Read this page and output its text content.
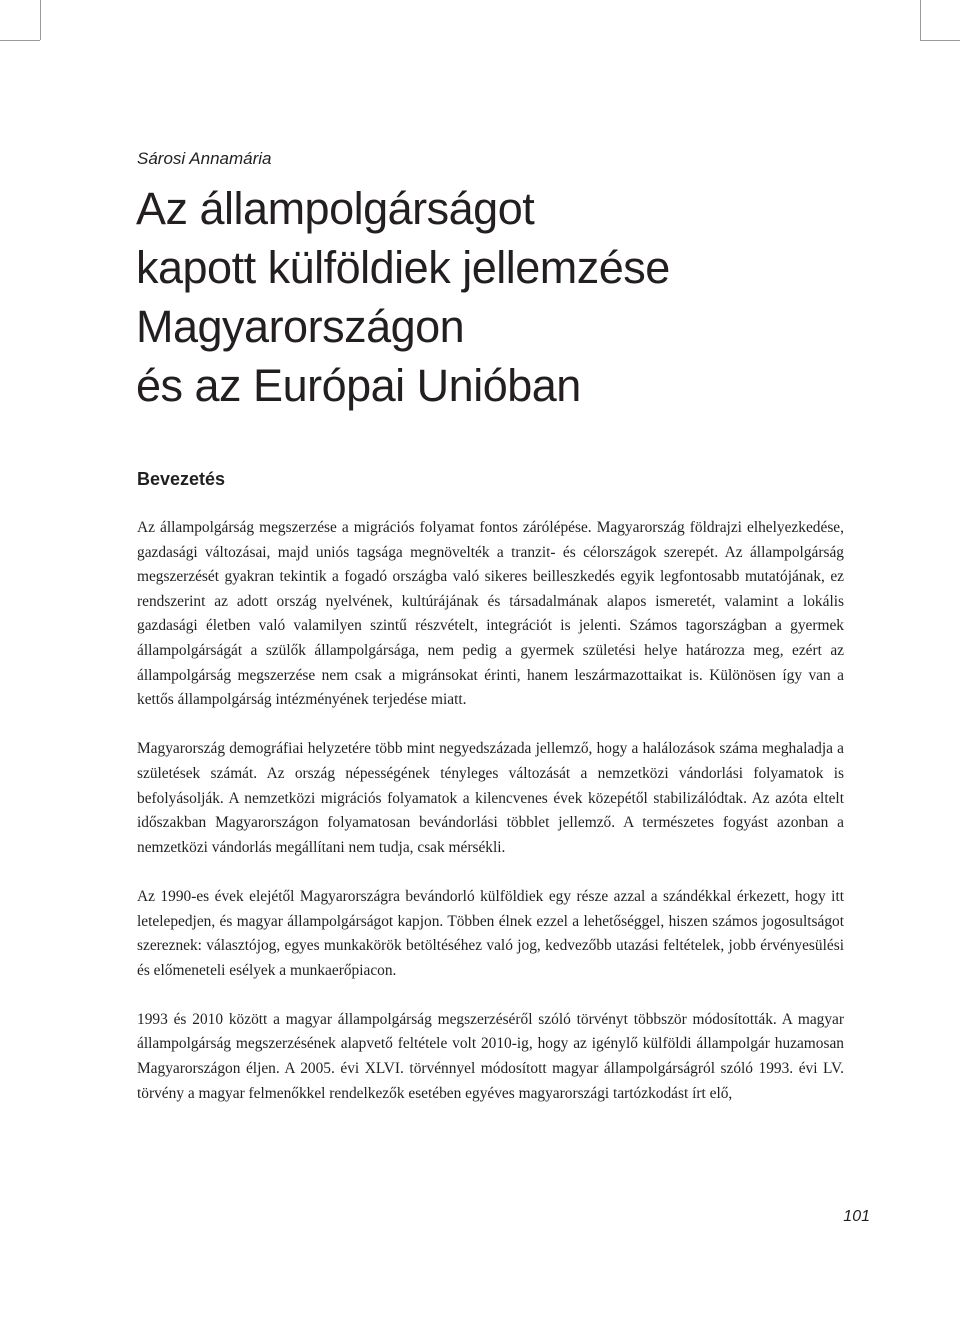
Sárosi Annamária
Az állampolgárságot
kapott külföldiek jellemzése
Magyarországon
és az Európai Unióban
Bevezetés

Az állampolgárság megszerzése a migrációs folyamat fontos zárólépése. Magyarország földrajzi elhelyezkedése, gazdasági változásai, majd uniós tagsága megnövelték a tranzit- és célországok szerepét. Az állampolgárság megszerzését gyakran tekintik a fogadó országba való sikeres beilleszkedés egyik legfontosabb mutatójának, ez rendszerint az adott ország nyelvének, kultúrájának és társadalmának alapos ismeretét, valamint a lokális gazdasági életben való valamilyen szintű részvételt, integrációt is jelenti. Számos tagországban a gyermek állampolgárságát a szülők állampolgársága, nem pedig a gyermek születési helye határozza meg, ezért az állampolgárság megszerzése nem csak a migránsokat érinti, hanem leszármazottaikat is. Különösen így van a kettős állampolgárság intézményének terjedése miatt.

Magyarország demográfiai helyzetére több mint negyedszázada jellemző, hogy a halálozások száma meghaladja a születések számát. Az ország népességének tényleges változását a nemzetközi vándorlási folyamatok is befolyásolják. A nemzetközi migrációs folyamatok a kilencvenes évek közepétől stabilizálódtak. Az azóta eltelt időszakban Magyarországon folyamatosan bevándorlási többlet jellemző. A természetes fogyást azonban a nemzetközi vándorlás megállítani nem tudja, csak mérsékli.

Az 1990-es évek elejétől Magyarországra bevándorló külföldiek egy része azzal a szándékkal érkezett, hogy itt letelepedjen, és magyar állampolgárságot kapjon. Többen élnek ezzel a lehetőséggel, hiszen számos jogosultságot szereznek: választójog, egyes munkakörök betöltéséhez való jog, kedvezőbb utazási feltételek, jobb érvényesülési és előmeneteli esélyek a munkaerőpiacon.

1993 és 2010 között a magyar állampolgárság megszerzéséről szóló törvényt többször módosították. A magyar állampolgárság megszerzésének alapvető feltétele volt 2010-ig, hogy az igénylő külföldi állampolgár huzamosan Magyarországon éljen. A 2005. évi XLVI. törvénnyel módosított magyar állampolgárságról szóló 1993. évi LV. törvény a magyar felmenőkkel rendelkezők esetében egyéves magyarországi tartózkodást írt elő,

101
